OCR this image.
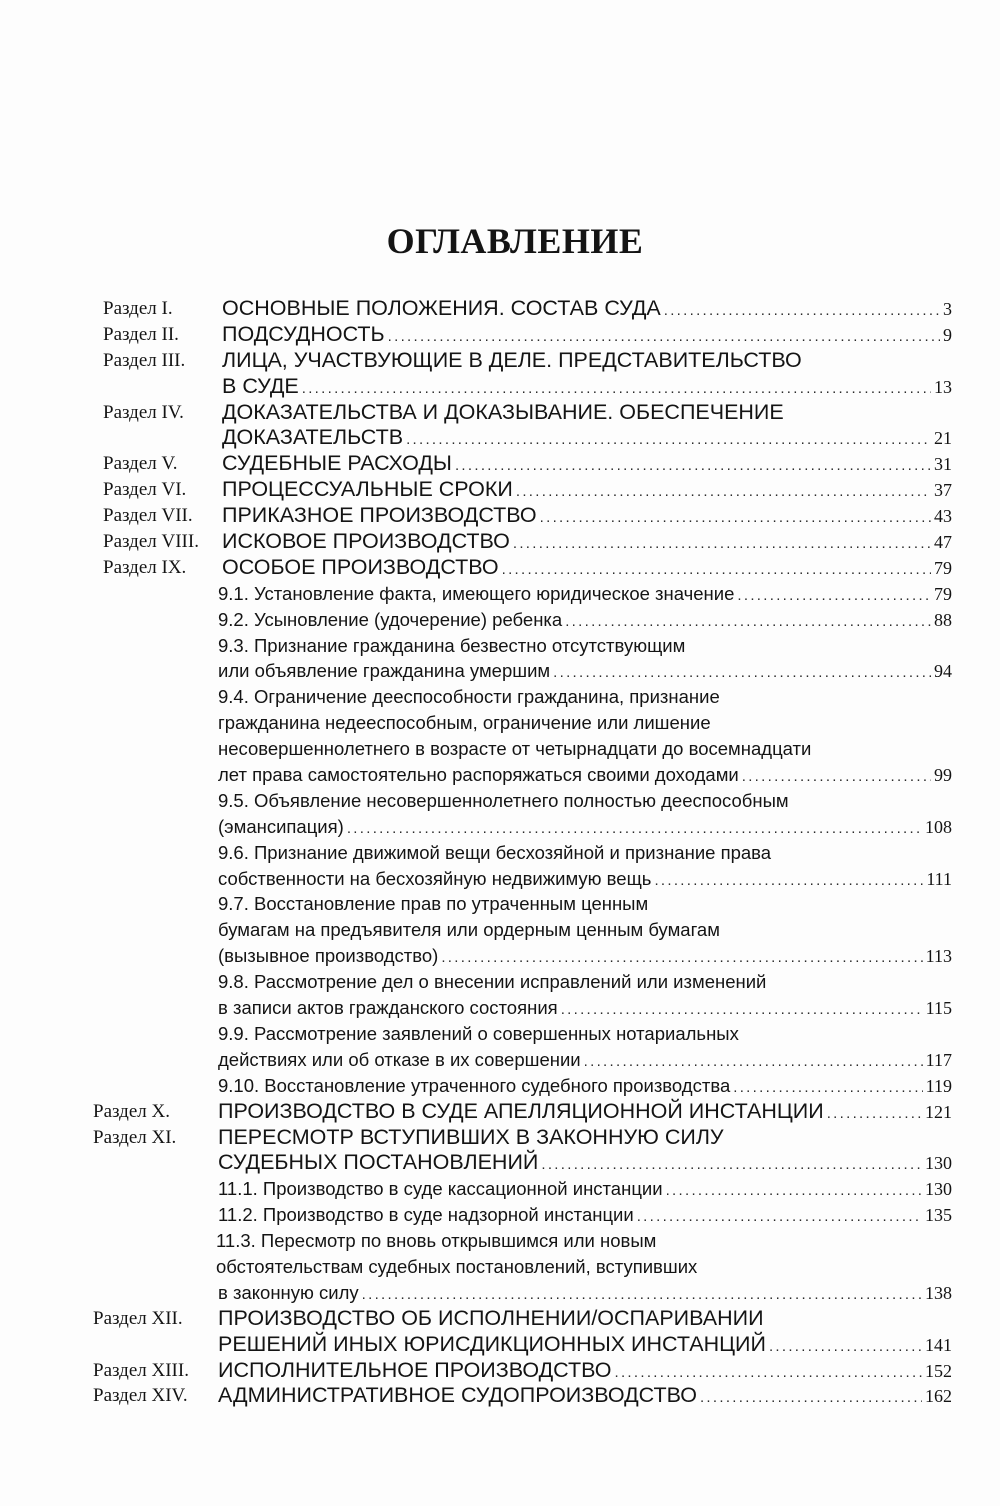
ОГЛАВЛЕНИЕ
Раздел I. ОСНОВНЫЕ ПОЛОЖЕНИЯ. СОСТАВ СУДА .....	3
Раздел II. ПОДСУДНОСТЬ .....	9
Раздел III. ЛИЦА, УЧАСТВУЮЩИЕ В ДЕЛЕ. ПРЕДСТАВИТЕЛЬСТВО
В СУДЕ .....	13
Раздел IV. ДОКАЗАТЕЛЬСТВА И ДОКАЗЫВАНИЕ. ОБЕСПЕЧЕНИЕ
ДОКАЗАТЕЛЬСТВ .....	21
Раздел V. СУДЕБНЫЕ РАСХОДЫ .....	31
Раздел VI. ПРОЦЕССУАЛЬНЫЕ СРОКИ .....	37
Раздел VII. ПРИКАЗНОЕ ПРОИЗВОДСТВО .....	43
Раздел VIII. ИСКОВОЕ ПРОИЗВОДСТВО .....	47
Раздел IX. ОСОБОЕ ПРОИЗВОДСТВО .....	79
9.1. Установление факта, имеющего юридическое значение .....	79
9.2. Усыновление (удочерение) ребенка .....	88
9.3. Признание гражданина безвестно отсутствующим
или объявление гражданина умершим .....	94
9.4. Ограничение дееспособности гражданина, признание
гражданина недееспособным, ограничение или лишение
несовершеннолетнего в возрасте от четырнадцати до восемнадцати
лет права самостоятельно распоряжаться своими доходами .....	99
9.5. Объявление несовершеннолетнего полностью дееспособным
(эмансипация) .....	108
9.6. Признание движимой вещи бесхозяйной и признание права
собственности на бесхозяйную недвижимую вещь .....	111
9.7. Восстановление прав по утраченным ценным
бумагам на предъявителя или ордерным ценным бумагам
(вызывное производство) .....	113
9.8. Рассмотрение дел о внесении исправлений или изменений
в записи актов гражданского состояния .....	115
9.9. Рассмотрение заявлений о совершенных нотариальных
действиях или об отказе в их совершении .....	117
9.10. Восстановление утраченного судебного производства .....	119
Раздел X. ПРОИЗВОДСТВО В СУДЕ АПЕЛЛЯЦИОННОЙ ИНСТАНЦИИ .....	121
Раздел XI. ПЕРЕСМОТР ВСТУПИВШИХ В ЗАКОННУЮ СИЛУ
СУДЕБНЫХ ПОСТАНОВЛЕНИЙ .....	130
11.1. Производство в суде кассационной инстанции .....	130
11.2. Производство в суде надзорной инстанции .....	135
11.3. Пересмотр по вновь открывшимся или новым
обстоятельствам судебных постановлений, вступивших
в законную силу .....	138
Раздел XII. ПРОИЗВОДСТВО ОБ ИСПОЛНЕНИИ/ОСПАРИВАНИИ
РЕШЕНИЙ ИНЫХ ЮРИСДИКЦИОННЫХ ИНСТАНЦИЙ .....	141
Раздел XIII. ИСПОЛНИТЕЛЬНОЕ ПРОИЗВОДСТВО .....	152
Раздел XIV. АДМИНИСТРАТИВНОЕ СУДОПРОИЗВОДСТВО .....	162
